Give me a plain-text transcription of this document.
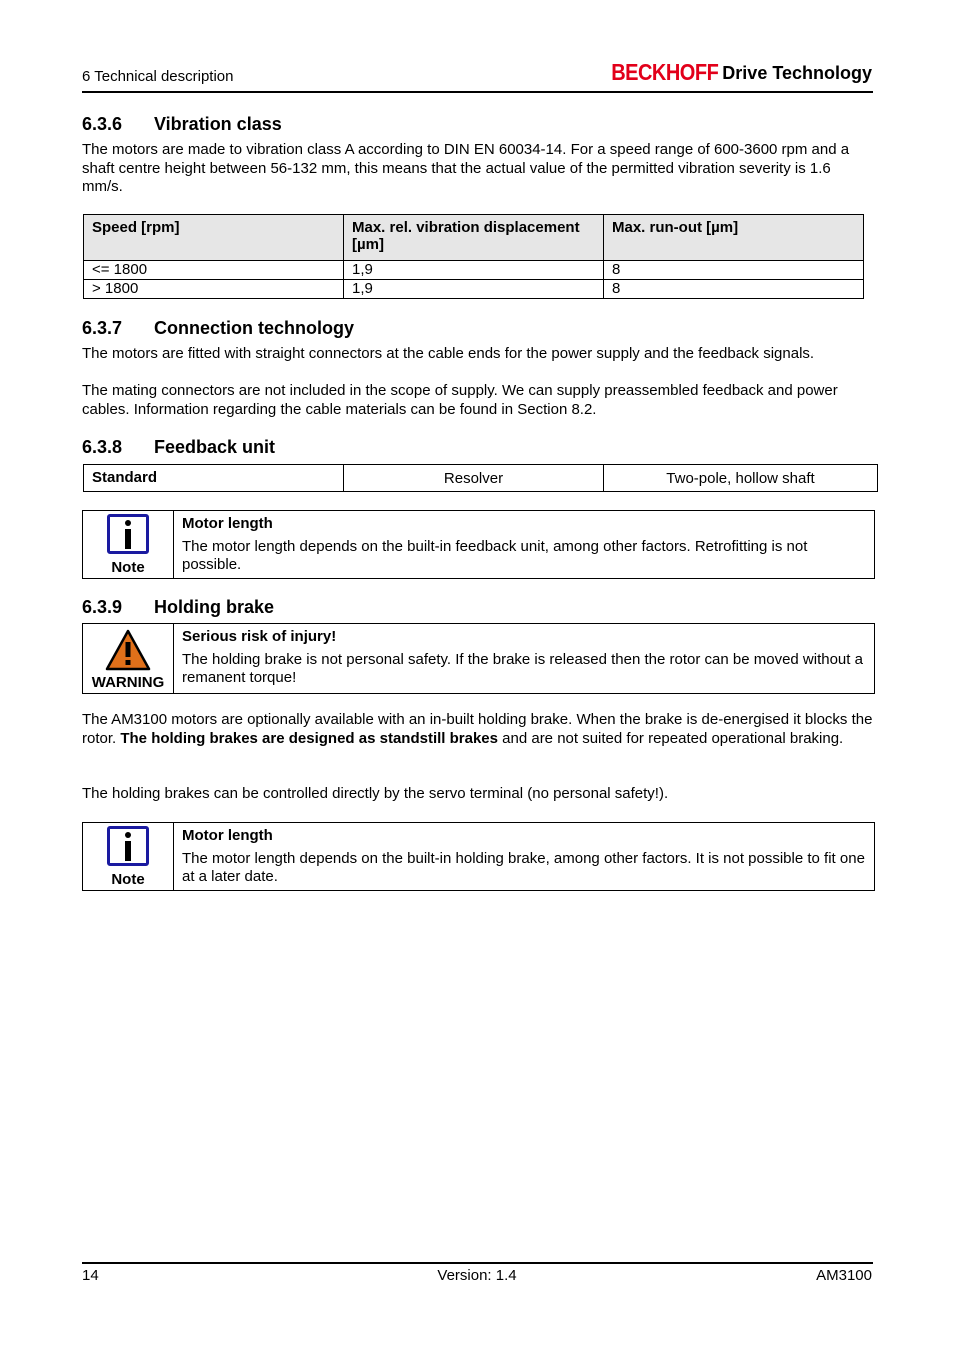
6 Technical description	BECKHOFF Drive Technology
6.3.6 Vibration class

The motors are made to vibration class A according to DIN EN 60034-14. For a speed range of 600-3600 rpm and a shaft centre height between 56-132 mm, this means that the actual value of the permitted vibration severity is 1.6 mm/s.

Speed [rpm]	Max. rel. vibration displacement [µm]	Max. run-out [µm]
<= 1800	1,9	8
> 1800	1,9	8
6.3.7 Connection technology

The motors are fitted with straight connectors at the cable ends for the power supply and the feedback signals.

The mating connectors are not included in the scope of supply. We can supply preassembled feedback and power cables. Information regarding the cable materials can be found in Section 8.2.

6.3.8 Feedback unit
Standard	Resolver	Two-pole, hollow shaft
Note
Motor length
The motor length depends on the built-in feedback unit, among other factors. Retrofitting is not possible.
6.3.9 Holding brake
WARNING
Serious risk of injury!
The holding brake is not personal safety. If the brake is released then the rotor can be moved without a remanent torque!

The AM3100 motors are optionally available with an in-built holding brake. When the brake is de-energised it blocks the rotor. The holding brakes are designed as standstill brakes and are not suited for repeated operational braking.

The holding brakes can be controlled directly by the servo terminal (no personal safety!).

Note
Motor length
The motor length depends on the built-in holding brake, among other factors. It is not possible to fit one at a later date.
14	Version: 1.4	AM3100
